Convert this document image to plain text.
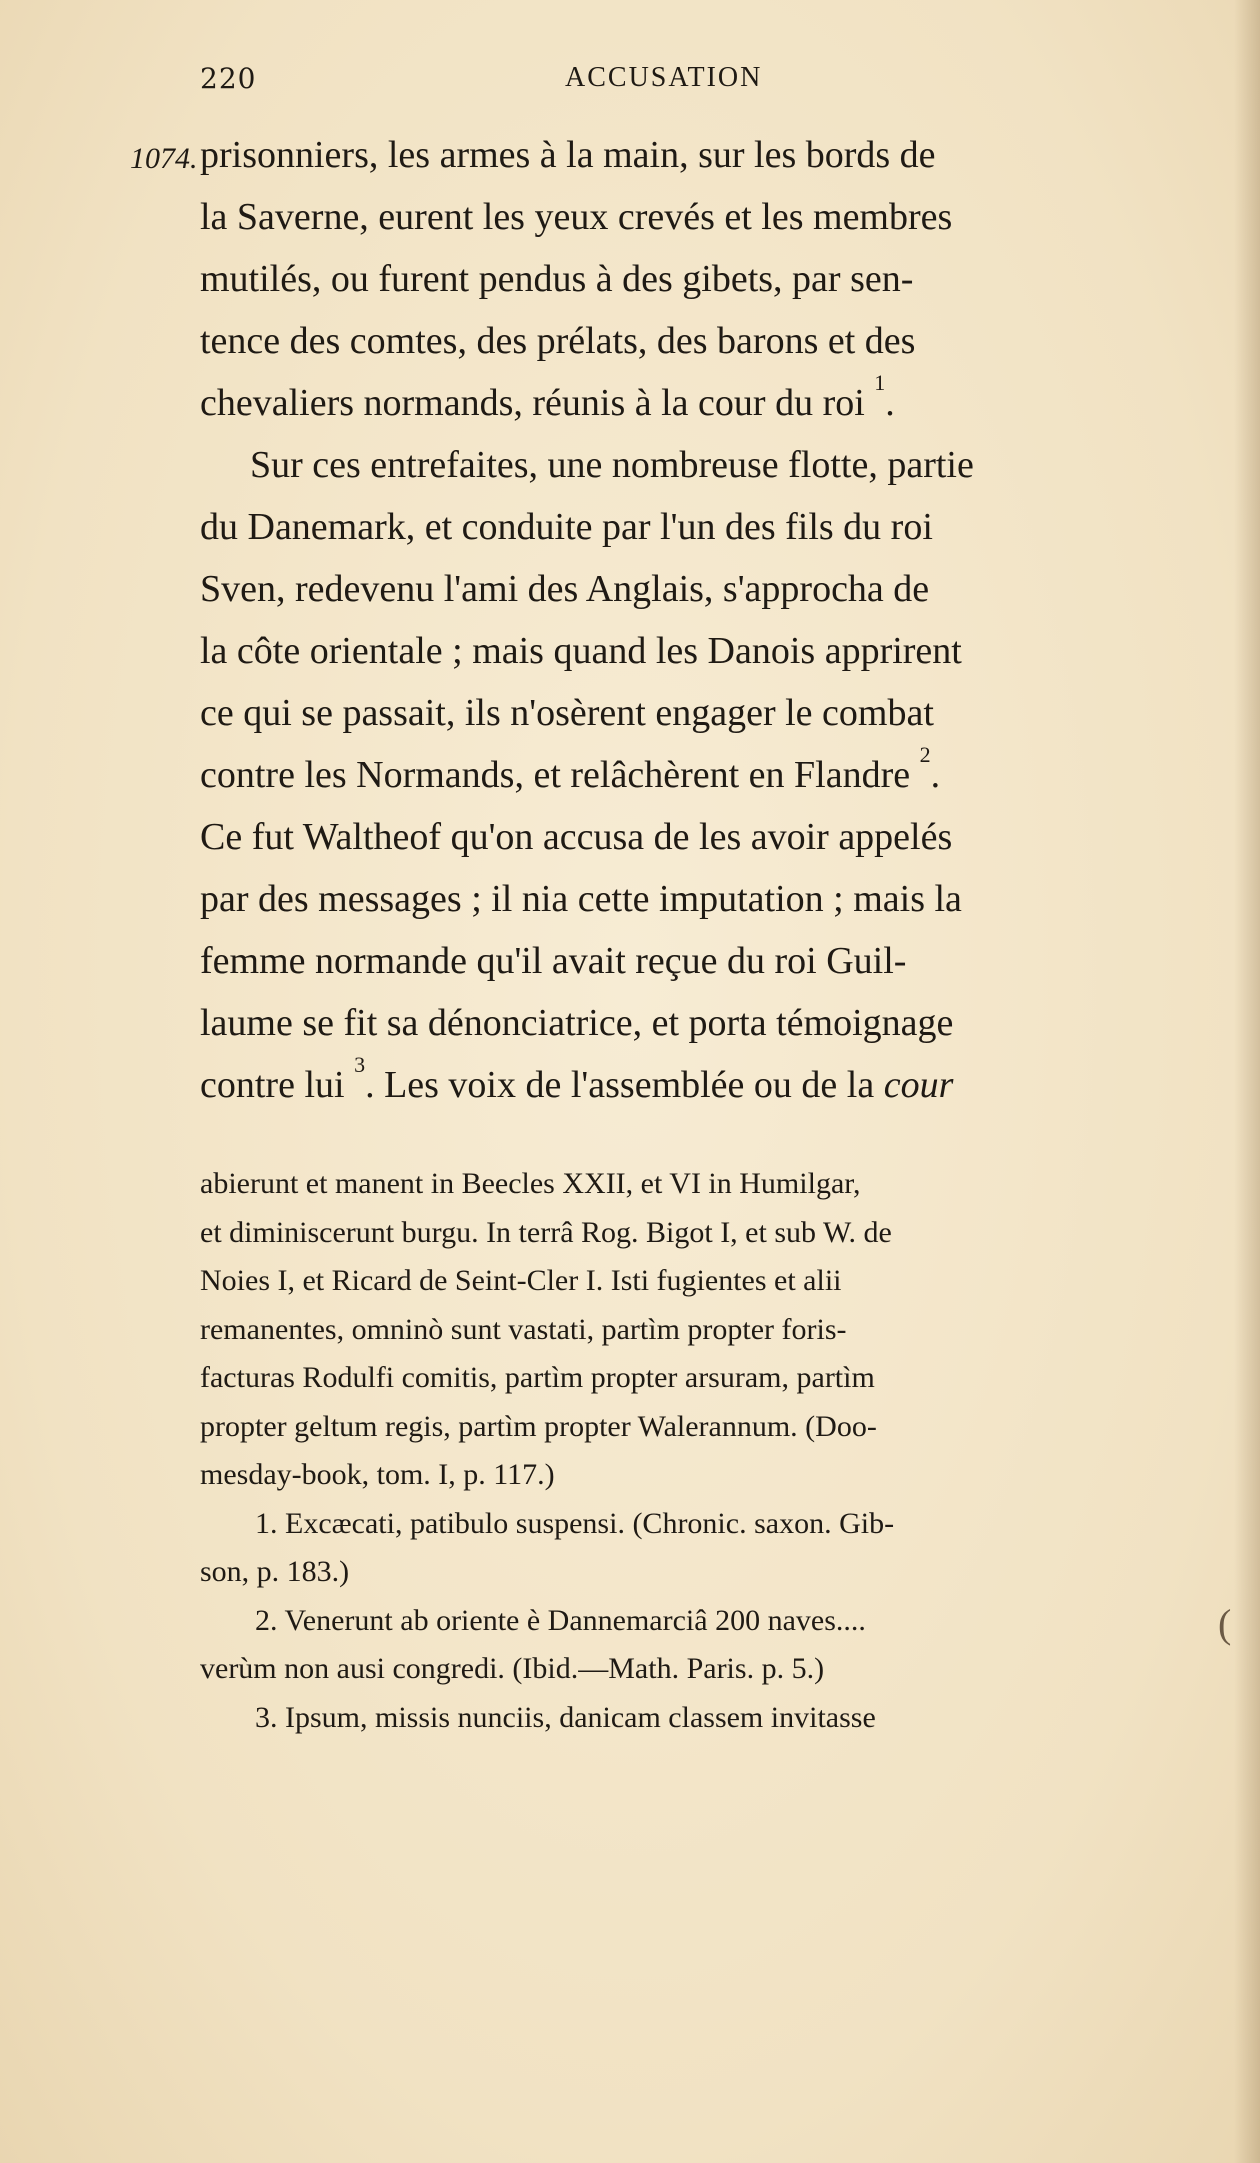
220	ACCUSATION
1074. prisonniers, les armes à la main, sur les bords de
la Saverne, eurent les yeux crevés et les membres
mutilés, ou furent pendus à des gibets, par sen-
tence des comtes, des prélats, des barons et des
chevaliers normands, réunis à la cour du roi $^1$.
Sur ces entrefaites, une nombreuse flotte, partie
du Danemark, et conduite par l'un des fils du roi
Sven, redevenu l'ami des Anglais, s'approcha de
la côte orientale ; mais quand les Danois apprirent
ce qui se passait, ils n'osèrent engager le combat
contre les Normands, et relâchèrent en Flandre $^2$.
Ce fut Waltheof qu'on accusa de les avoir appelés
par des messages ; il nia cette imputation ; mais la
femme normande qu'il avait reçue du roi Guil-
laume se fit sa dénonciatrice, et porta témoignage
contre lui $^3$. Les voix de l'assemblée ou de la cour
abierunt et manent in Beecles XXII, et VI in Humilgar,
et diminiscerunt burgu. In terrâ Rog. Bigot I, et sub W. de
Noies I, et Ricard de Seint-Cler I. Isti fugientes et alii
remanentes, omninò sunt vastati, partìm propter foris-
facturas Rodulfi comitis, partìm propter arsuram, partìm
propter geltum regis, partìm propter Walerannum. (Doo-
mesday-book, tom. I, p. 117.)
1. Excæcati, patibulo suspensi. (Chronic. saxon. Gib-
son, p. 183.)
2. Venerunt ab oriente è Dannemarciâ 200 naves....
verùm non ausi congredi. (Ibid.—Math. Paris. p. 5.)
3. Ipsum, missis nunciis, danicam classem invitasse
(
